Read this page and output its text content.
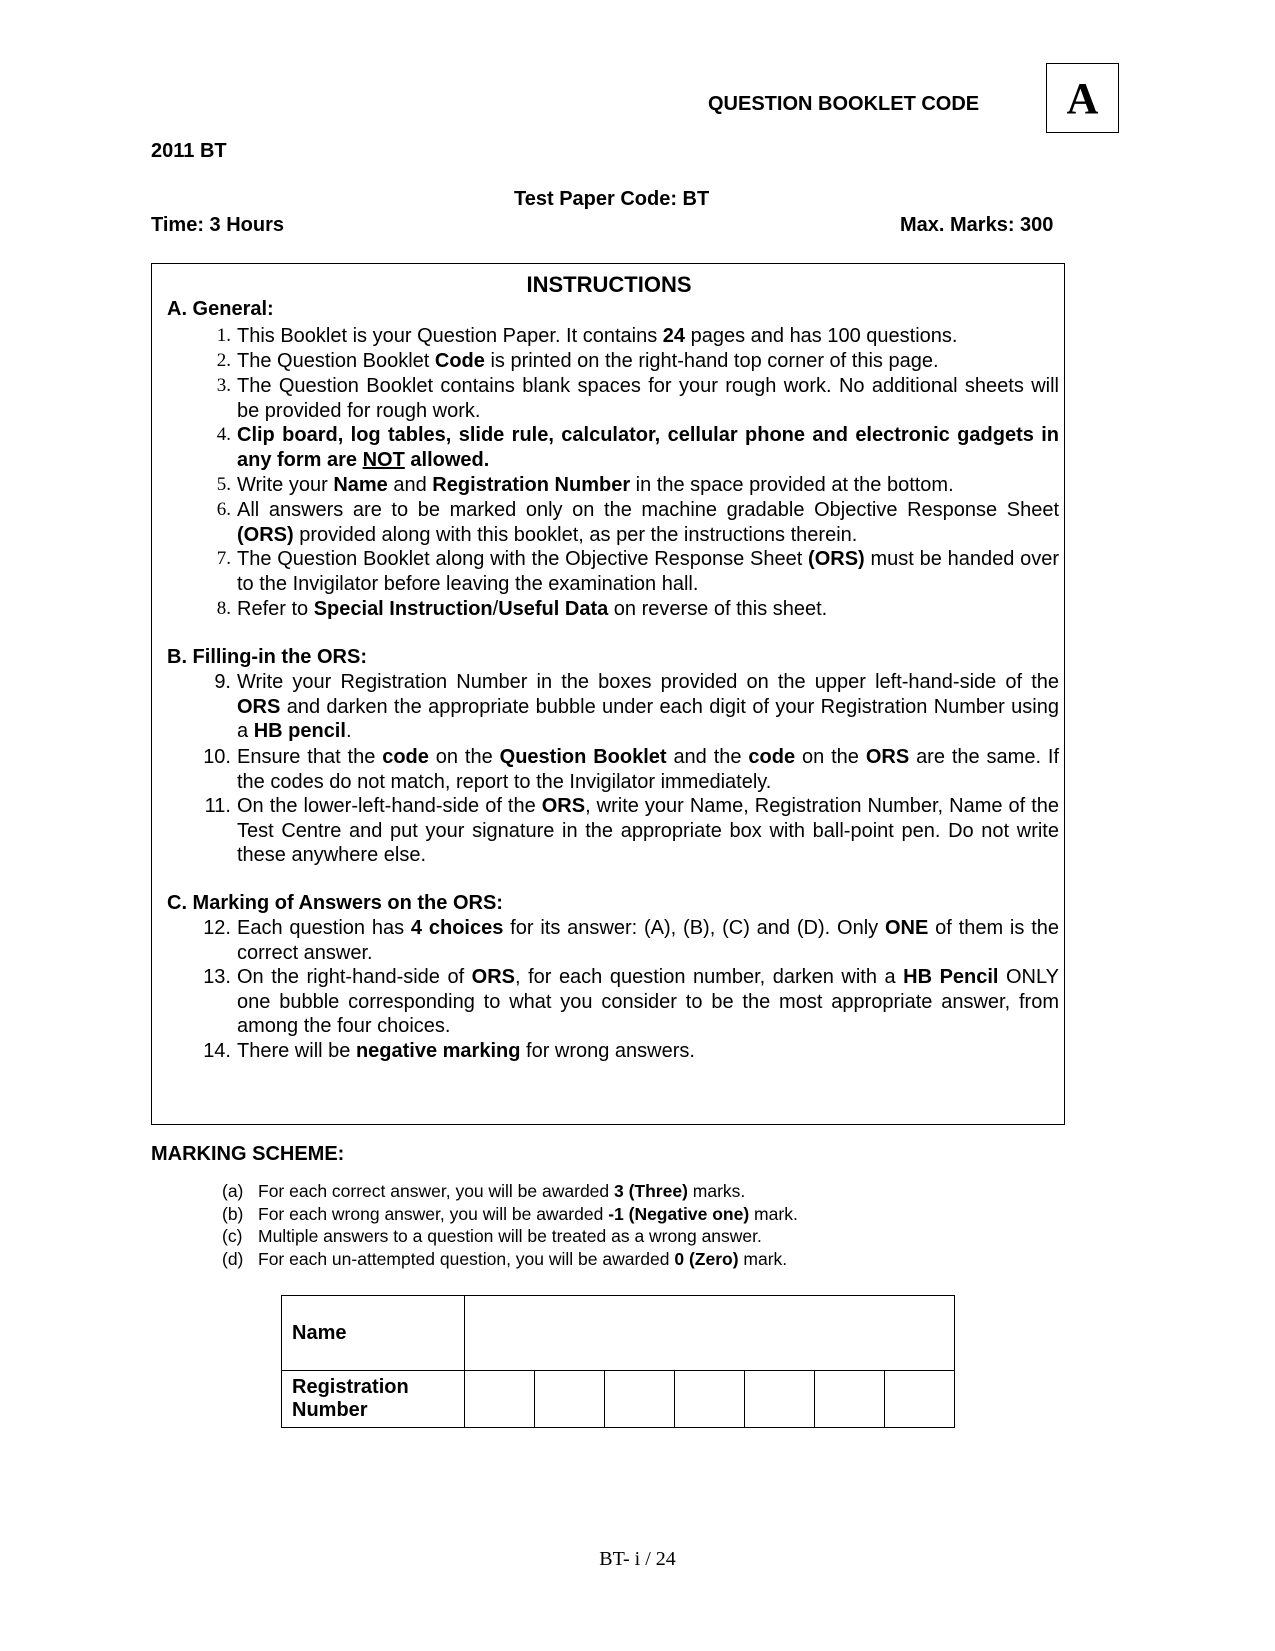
QUESTION BOOKLET CODE A
2011 BT
Test Paper Code: BT
Time: 3 Hours	Max. Marks: 300
INSTRUCTIONS
A. General:
1. This Booklet is your Question Paper. It contains 24 pages and has 100 questions.
2. The Question Booklet Code is printed on the right-hand top corner of this page.
3. The Question Booklet contains blank spaces for your rough work. No additional sheets will be provided for rough work.
4. Clip board, log tables, slide rule, calculator, cellular phone and electronic gadgets in any form are NOT allowed.
5. Write your Name and Registration Number in the space provided at the bottom.
6. All answers are to be marked only on the machine gradable Objective Response Sheet (ORS) provided along with this booklet, as per the instructions therein.
7. The Question Booklet along with the Objective Response Sheet (ORS) must be handed over to the Invigilator before leaving the examination hall.
8. Refer to Special Instruction/Useful Data on reverse of this sheet.
B. Filling-in the ORS:
9. Write your Registration Number in the boxes provided on the upper left-hand-side of the ORS and darken the appropriate bubble under each digit of your Registration Number using a HB pencil.
10. Ensure that the code on the Question Booklet and the code on the ORS are the same. If the codes do not match, report to the Invigilator immediately.
11. On the lower-left-hand-side of the ORS, write your Name, Registration Number, Name of the Test Centre and put your signature in the appropriate box with ball-point pen. Do not write these anywhere else.
C. Marking of Answers on the ORS:
12. Each question has 4 choices for its answer: (A), (B), (C) and (D). Only ONE of them is the correct answer.
13. On the right-hand-side of ORS, for each question number, darken with a HB Pencil ONLY one bubble corresponding to what you consider to be the most appropriate answer, from among the four choices.
14. There will be negative marking for wrong answers.
MARKING SCHEME:
(a) For each correct answer, you will be awarded 3 (Three) marks.
(b) For each wrong answer, you will be awarded -1 (Negative one) mark.
(c) Multiple answers to a question will be treated as a wrong answer.
(d) For each un-attempted question, you will be awarded 0 (Zero) mark.
Name							
Registration
Number							
BT- i / 24
